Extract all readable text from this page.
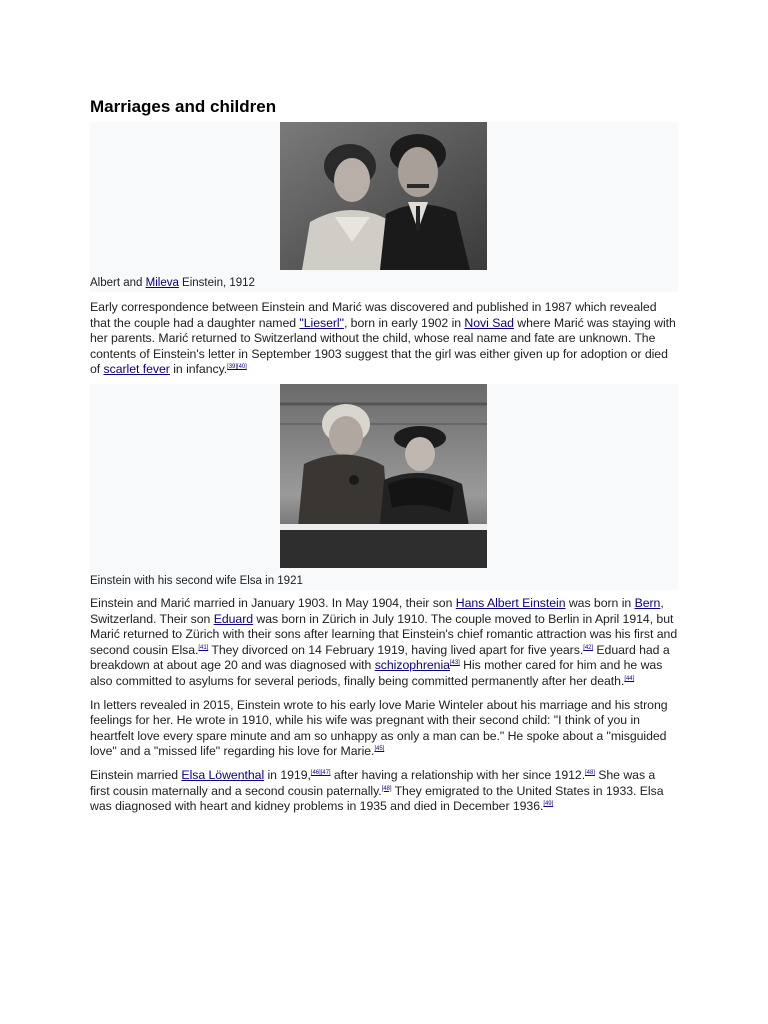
Marriages and children
Albert and Mileva Einstein, 1912

Early correspondence between Einstein and Marić was discovered and published in 1987 which revealed that the couple had a daughter named "Lieserl", born in early 1902 in Novi Sad where Marić was staying with her parents. Marić returned to Switzerland without the child, whose real name and fate are unknown. The contents of Einstein's letter in September 1903 suggest that the girl was either given up for adoption or died of scarlet fever in infancy.[39][40]

Einstein with his second wife Elsa in 1921

Einstein and Marić married in January 1903. In May 1904, their son Hans Albert Einstein was born in Bern, Switzerland. Their son Eduard was born in Zürich in July 1910. The couple moved to Berlin in April 1914, but Marić returned to Zürich with their sons after learning that Einstein's chief romantic attraction was his first and second cousin Elsa.[41] They divorced on 14 February 1919, having lived apart for five years.[42] Eduard had a breakdown at about age 20 and was diagnosed with schizophrenia[43] His mother cared for him and he was also committed to asylums for several periods, finally being committed permanently after her death.[44]

In letters revealed in 2015, Einstein wrote to his early love Marie Winteler about his marriage and his strong feelings for her. He wrote in 1910, while his wife was pregnant with their second child: "I think of you in heartfelt love every spare minute and am so unhappy as only a man can be." He spoke about a "misguided love" and a "missed life" regarding his love for Marie.[45]

Einstein married Elsa Löwenthal in 1919,[46][47] after having a relationship with her since 1912.[48] She was a first cousin maternally and a second cousin paternally.[48] They emigrated to the United States in 1933. Elsa was diagnosed with heart and kidney problems in 1935 and died in December 1936.[49]
